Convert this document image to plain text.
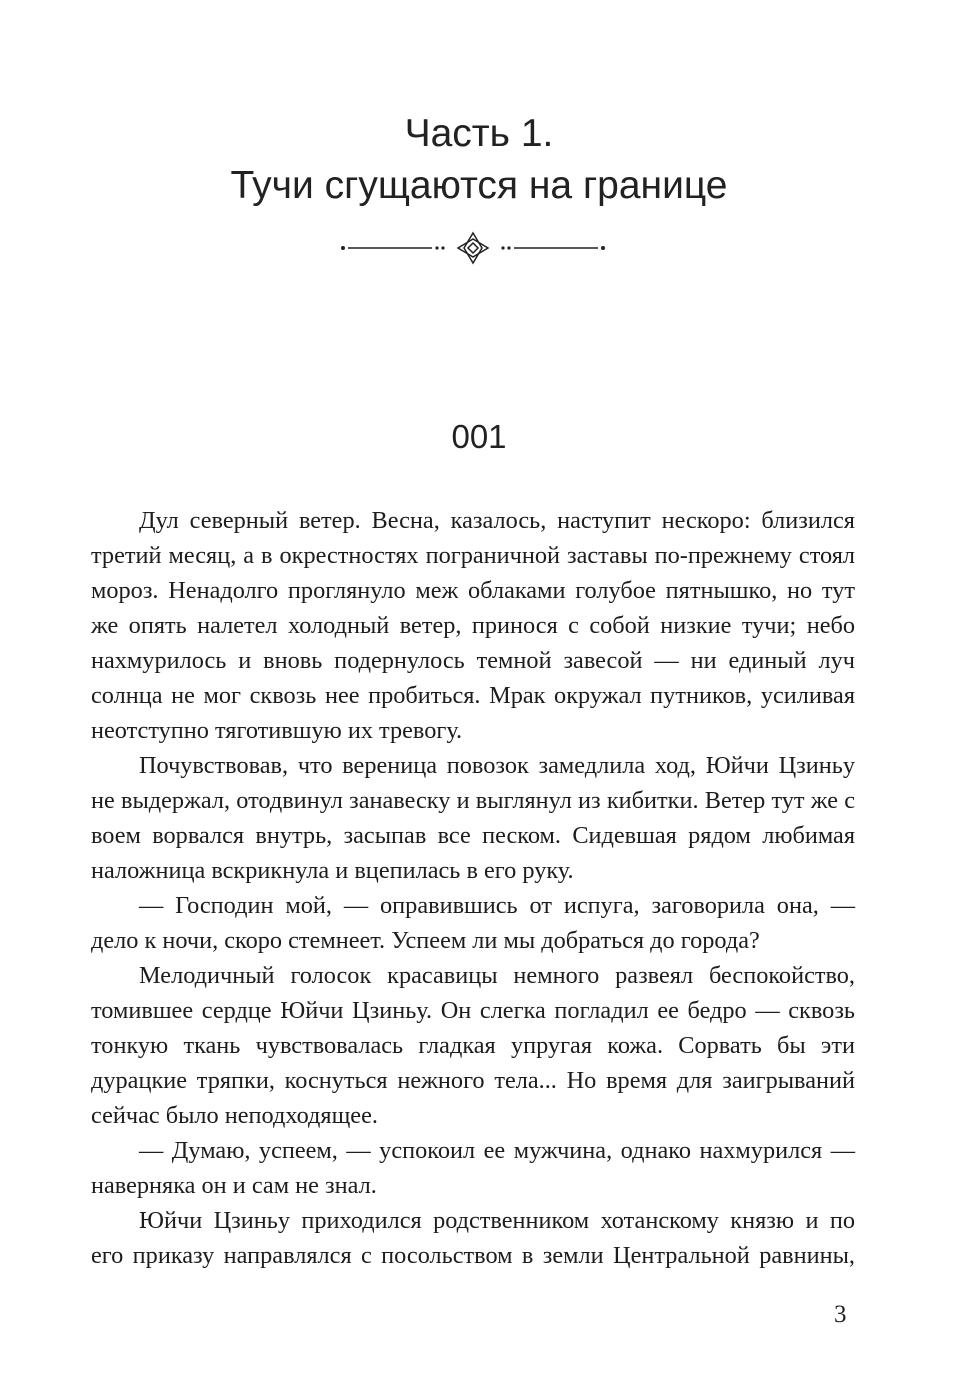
Часть 1.
Тучи сгущаются на границе
001

Дул северный ветер. Весна, казалось, наступит нескоро: близился третий месяц, а в окрестностях пограничной заставы по-прежнему стоял мороз. Ненадолго проглянуло меж облаками голубое пятнышко, но тут же опять налетел холодный ветер, принося с собой низкие тучи; небо нахмурилось и вновь подернулось темной завесой — ни единый луч солнца не мог сквозь нее пробиться. Мрак окружал путников, усиливая неотступно тяготившую их тревогу.

Почувствовав, что вереница повозок замедлила ход, Юйчи Цзиньу не выдержал, отодвинул занавеску и выглянул из кибитки. Ветер тут же с воем ворвался внутрь, засыпав все песком. Сидевшая рядом любимая наложница вскрикнула и вцепилась в его руку.

— Господин мой, — оправившись от испуга, заговорила она, — дело к ночи, скоро стемнеет. Успеем ли мы добраться до города?

Мелодичный голосок красавицы немного развеял беспокойство, томившее сердце Юйчи Цзиньу. Он слегка погладил ее бедро — сквозь тонкую ткань чувствовалась гладкая упругая кожа. Сорвать бы эти дурацкие тряпки, коснуться нежного тела... Но время для заигрываний сейчас было неподходящее.

— Думаю, успеем, — успокоил ее мужчина, однако нахмурился — наверняка он и сам не знал.

Юйчи Цзиньу приходился родственником хотанскому князю и по его приказу направлялся с посольством в земли Центральной равнины,

3
